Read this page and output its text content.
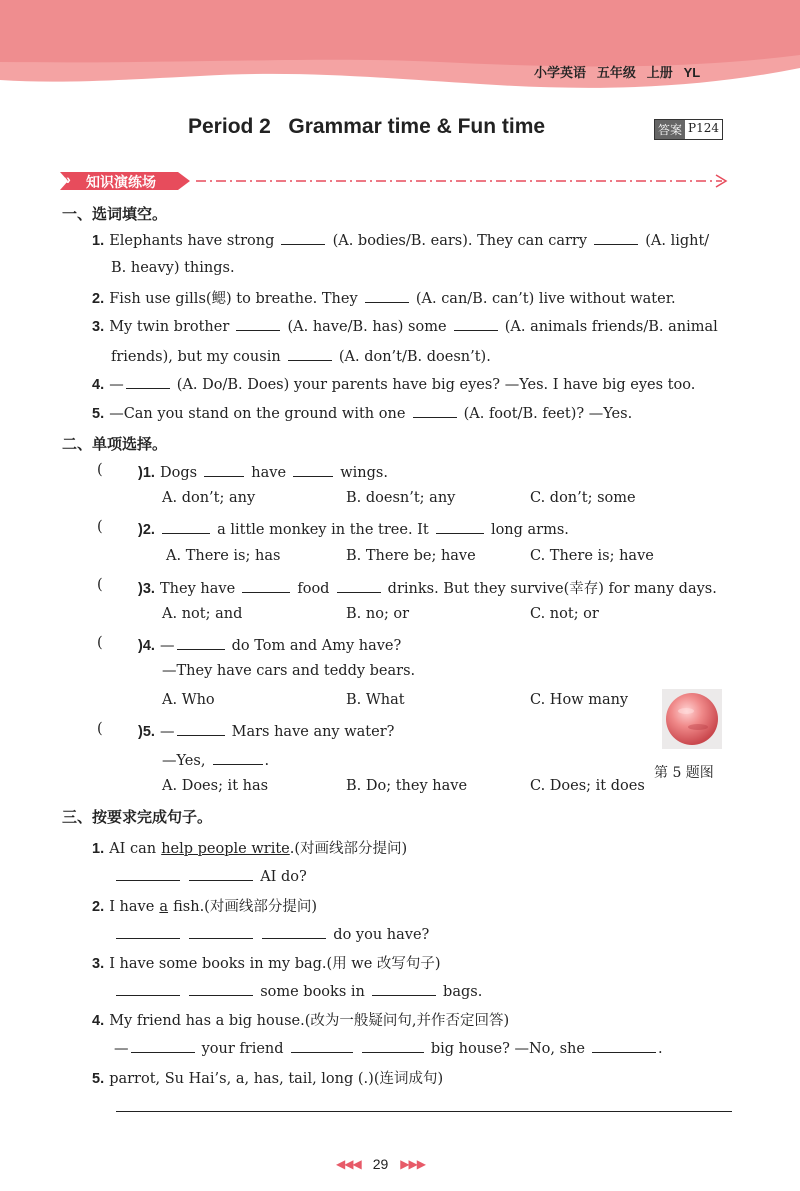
小学英语 五年级 上册 YL
Period 2   Grammar time & Fun time	答案 P124
» 知识演练场
一、选词填空。
1. Elephants have strong	(A. bodies/B. ears). They can carry	(A. light/
B. heavy) things.
2. Fish use gills(鳃) to breathe. They	(A. can/B. can’t) live without water.
3. My twin brother	(A. have/B. has) some	(A. animals friends/B. animal
friends), but my cousin	(A. don’t/B. doesn’t).
4. —	(A. Do/B. Does) your parents have big eyes? —Yes. I have big eyes too.
5. —Can you stand on the ground with one	(A. foot/B. feet)? —Yes.
二、单项选择。
( )1. Dogs	have	wings.
A. don’t; any	B. doesn’t; any	C. don’t; some
( )2.	a little monkey in the tree. It	long arms.
A. There is; has	B. There be; have	C. There is; have
( )3. They have	food	drinks. But they survive(幸存) for many days.
A. not; and	B. no; or	C. not; or
( )4. —	do Tom and Amy have?
—They have cars and teddy bears.
A. Who	B. What	C. How many
( )5. —	Mars have any water?
—Yes,	.
A. Does; it has	B. Do; they have	C. Does; it does
第 5 题图
三、按要求完成句子。
1. AI can help people write.(对画线部分提问)
AI do?
2. I have a fish.(对画线部分提问)
do you have?
3. I have some books in my bag.(用 we 改写句子)
some books in	bags.
4. My friend has a big house.(改为一般疑问句,并作否定回答)
—	your friend	big house? —No, she	.
5. parrot, Su Hai’s, a, has, tail, long (.)(连词成句)
◀◀◀ 29 ▶▶▶
